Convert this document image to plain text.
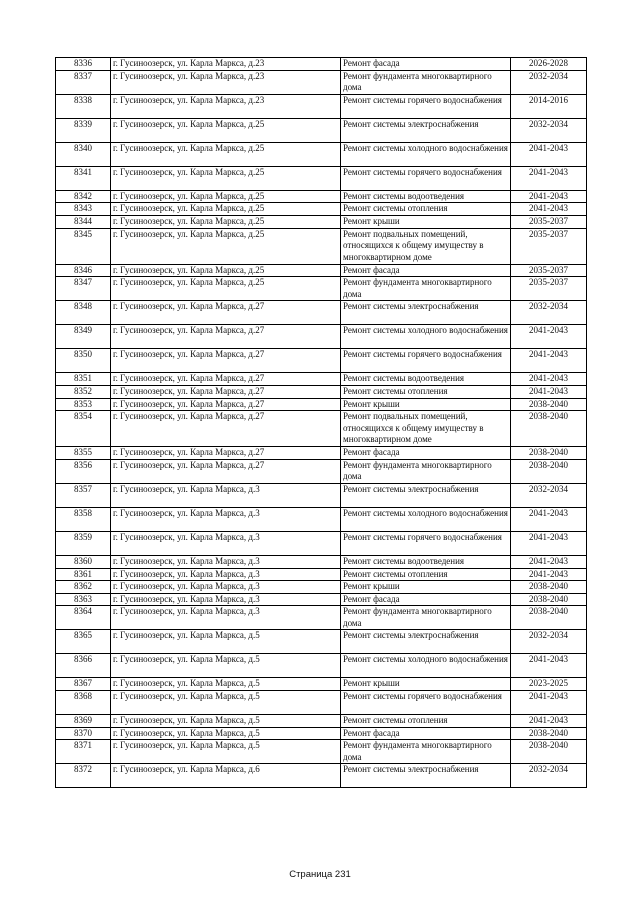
8336	г. Гусиноозерск, ул. Карла Маркса, д.23	Ремонт фасада	2026-2028
8337	г. Гусиноозерск, ул. Карла Маркса, д.23	Ремонт фундамента многоквартирного дома	2032-2034
8338	г. Гусиноозерск, ул. Карла Маркса, д.23	Ремонт системы горячего водоснабжения	2014-2016
8339	г. Гусиноозерск, ул. Карла Маркса, д.25	Ремонт системы электроснабжения	2032-2034
8340	г. Гусиноозерск, ул. Карла Маркса, д.25	Ремонт системы холодного водоснабжения	2041-2043
8341	г. Гусиноозерск, ул. Карла Маркса, д.25	Ремонт системы горячего водоснабжения	2041-2043
8342	г. Гусиноозерск, ул. Карла Маркса, д.25	Ремонт системы водоотведения	2041-2043
8343	г. Гусиноозерск, ул. Карла Маркса, д.25	Ремонт системы отопления	2041-2043
8344	г. Гусиноозерск, ул. Карла Маркса, д.25	Ремонт крыши	2035-2037
8345	г. Гусиноозерск, ул. Карла Маркса, д.25	Ремонт подвальных помещений, относящихся к общему имуществу в многоквартирном доме	2035-2037
8346	г. Гусиноозерск, ул. Карла Маркса, д.25	Ремонт фасада	2035-2037
8347	г. Гусиноозерск, ул. Карла Маркса, д.25	Ремонт фундамента многоквартирного дома	2035-2037
8348	г. Гусиноозерск, ул. Карла Маркса, д.27	Ремонт системы электроснабжения	2032-2034
8349	г. Гусиноозерск, ул. Карла Маркса, д.27	Ремонт системы холодного водоснабжения	2041-2043
8350	г. Гусиноозерск, ул. Карла Маркса, д.27	Ремонт системы горячего водоснабжения	2041-2043
8351	г. Гусиноозерск, ул. Карла Маркса, д.27	Ремонт системы водоотведения	2041-2043
8352	г. Гусиноозерск, ул. Карла Маркса, д.27	Ремонт системы отопления	2041-2043
8353	г. Гусиноозерск, ул. Карла Маркса, д.27	Ремонт крыши	2038-2040
8354	г. Гусиноозерск, ул. Карла Маркса, д.27	Ремонт подвальных помещений, относящихся к общему имуществу в многоквартирном доме	2038-2040
8355	г. Гусиноозерск, ул. Карла Маркса, д.27	Ремонт фасада	2038-2040
8356	г. Гусиноозерск, ул. Карла Маркса, д.27	Ремонт фундамента многоквартирного дома	2038-2040
8357	г. Гусиноозерск, ул. Карла Маркса, д.3	Ремонт системы электроснабжения	2032-2034
8358	г. Гусиноозерск, ул. Карла Маркса, д.3	Ремонт системы холодного водоснабжения	2041-2043
8359	г. Гусиноозерск, ул. Карла Маркса, д.3	Ремонт системы горячего водоснабжения	2041-2043
8360	г. Гусиноозерск, ул. Карла Маркса, д.3	Ремонт системы водоотведения	2041-2043
8361	г. Гусиноозерск, ул. Карла Маркса, д.3	Ремонт системы отопления	2041-2043
8362	г. Гусиноозерск, ул. Карла Маркса, д.3	Ремонт крыши	2038-2040
8363	г. Гусиноозерск, ул. Карла Маркса, д.3	Ремонт фасада	2038-2040
8364	г. Гусиноозерск, ул. Карла Маркса, д.3	Ремонт фундамента многоквартирного дома	2038-2040
8365	г. Гусиноозерск, ул. Карла Маркса, д.5	Ремонт системы электроснабжения	2032-2034
8366	г. Гусиноозерск, ул. Карла Маркса, д.5	Ремонт системы холодного водоснабжения	2041-2043
8367	г. Гусиноозерск, ул. Карла Маркса, д.5	Ремонт крыши	2023-2025
8368	г. Гусиноозерск, ул. Карла Маркса, д.5	Ремонт системы горячего водоснабжения	2041-2043
8369	г. Гусиноозерск, ул. Карла Маркса, д.5	Ремонт системы отопления	2041-2043
8370	г. Гусиноозерск, ул. Карла Маркса, д.5	Ремонт фасада	2038-2040
8371	г. Гусиноозерск, ул. Карла Маркса, д.5	Ремонт фундамента многоквартирного дома	2038-2040
8372	г. Гусиноозерск, ул. Карла Маркса, д.6	Ремонт системы электроснабжения	2032-2034
Страница 231
